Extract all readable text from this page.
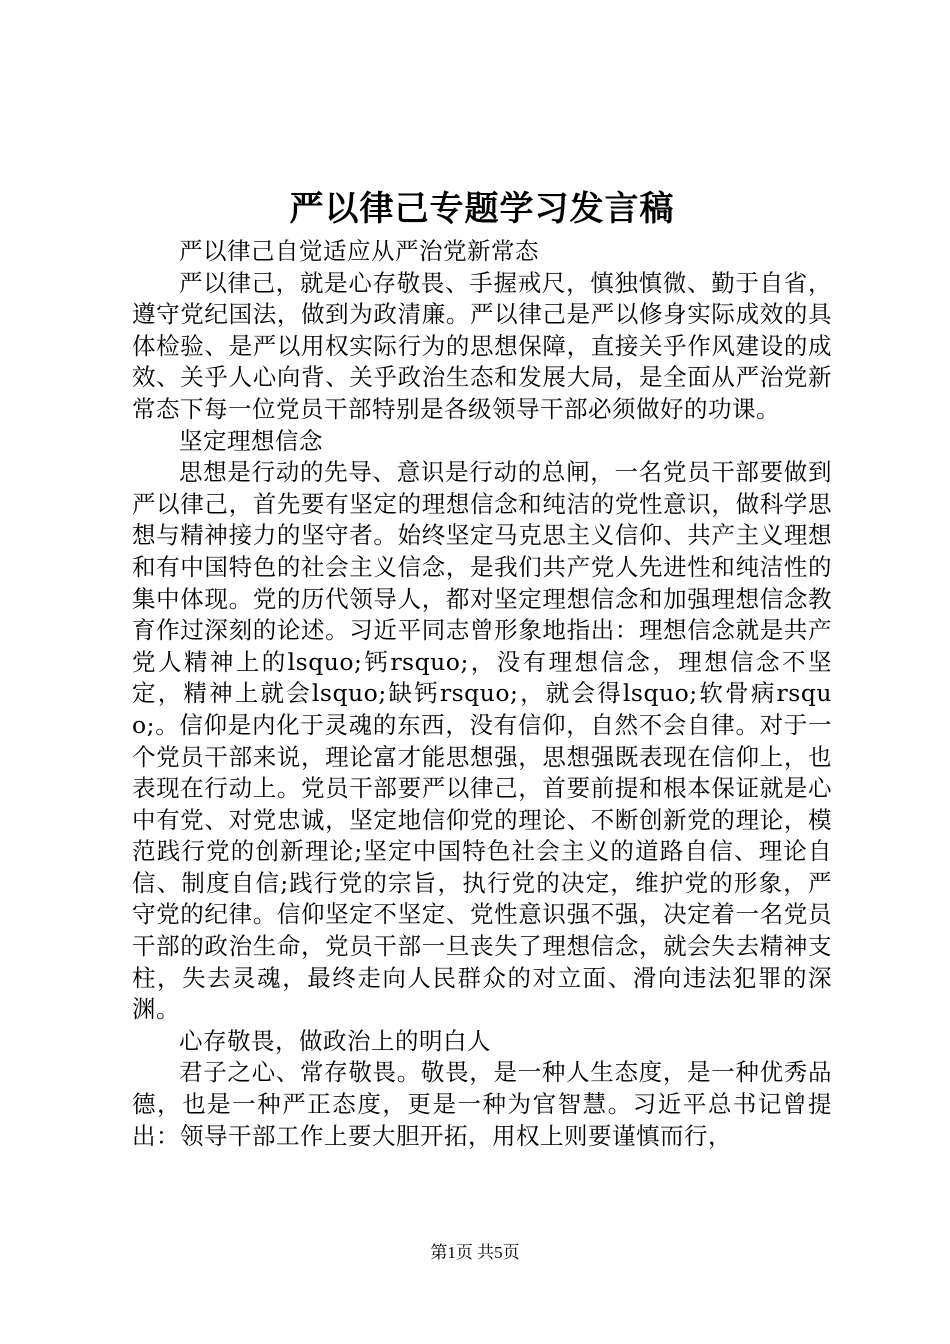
严以律己专题学习发言稿

严以律己自觉适应从严治党新常态

严以律己，就是心存敬畏、手握戒尺，慎独慎微、勤于自省，遵守党纪国法，做到为政清廉。严以律己是严以修身实际成效的具体检验、是严以用权实际行为的思想保障，直接关乎作风建设的成效、关乎人心向背、关乎政治生态和发展大局，是全面从严治党新常态下每一位党员干部特别是各级领导干部必须做好的功课。

坚定理想信念

思想是行动的先导、意识是行动的总闸，一名党员干部要做到严以律己，首先要有坚定的理想信念和纯洁的党性意识，做科学思想与精神接力的坚守者。始终坚定马克思主义信仰、共产主义理想和有中国特色的社会主义信念，是我们共产党人先进性和纯洁性的集中体现。党的历代领导人，都对坚定理想信念和加强理想信念教育作过深刻的论述。习近平同志曾形象地指出：理想信念就是共产党人精神上的lsquo;钙rsquo;，没有理想信念，理想信念不坚定，精神上就会lsquo;缺钙rsquo;，就会得lsquo;软骨病rsquo;。信仰是内化于灵魂的东西，没有信仰，自然不会自律。对于一个党员干部来说，理论富才能思想强，思想强既表现在信仰上，也表现在行动上。党员干部要严以律己，首要前提和根本保证就是心中有党、对党忠诚，坚定地信仰党的理论、不断创新党的理论，模范践行党的创新理论;坚定中国特色社会主义的道路自信、理论自信、制度自信;践行党的宗旨，执行党的决定，维护党的形象，严守党的纪律。信仰坚定不坚定、党性意识强不强，决定着一名党员干部的政治生命，党员干部一旦丧失了理想信念，就会失去精神支柱，失去灵魂，最终走向人民群众的对立面、滑向违法犯罪的深渊。

心存敬畏，做政治上的明白人

君子之心、常存敬畏。敬畏，是一种人生态度，是一种优秀品德，也是一种严正态度，更是一种为官智慧。习近平总书记曾提出：领导干部工作上要大胆开拓，用权上则要谨慎而行，

第1页 共5页
